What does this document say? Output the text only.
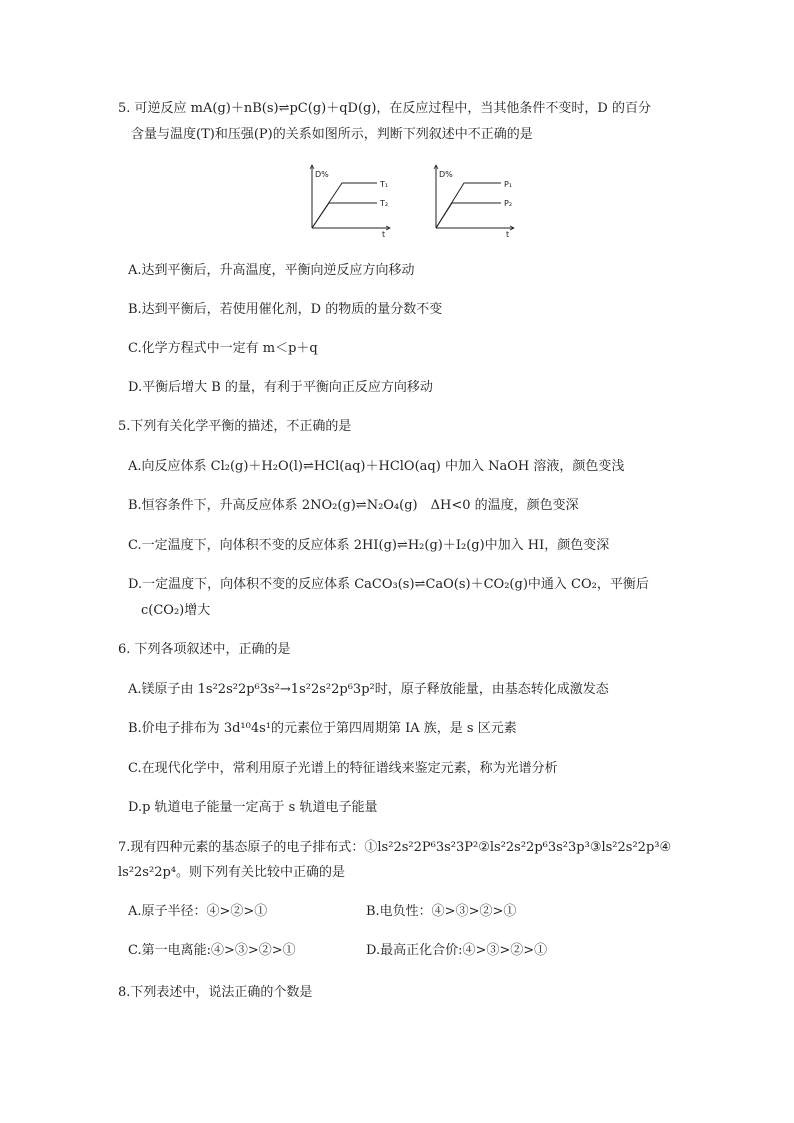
5. 可逆反应 mA(g)＋nB(s)⇌pC(g)＋qD(g)，在反应过程中，当其他条件不变时，D 的百分
含量与温度(T)和压强(P)的关系如图所示，判断下列叙述中不正确的是
D%
T₁
T₂
t
D%
P₁
P₂
t
A.达到平衡后，升高温度，平衡向逆反应方向移动
B.达到平衡后，若使用催化剂，D 的物质的量分数不变
C.化学方程式中一定有 m＜p＋q
D.平衡后增大 B 的量，有利于平衡向正反应方向移动
5.下列有关化学平衡的描述，不正确的是
A.向反应体系 Cl₂(g)＋H₂O(l)⇌HCl(aq)＋HClO(aq) 中加入 NaOH 溶液，颜色变浅
B.恒容条件下，升高反应体系 2NO₂(g)⇌N₂O₄(g)　ΔH<0 的温度，颜色变深
C.一定温度下，向体积不变的反应体系 2HI(g)⇌H₂(g)＋I₂(g)中加入 HI，颜色变深
D.一定温度下，向体积不变的反应体系 CaCO₃(s)⇌CaO(s)＋CO₂(g)中通入 CO₂，平衡后
c(CO₂)增大
6. 下列各项叙述中，正确的是
A.镁原子由 1s²2s²2p⁶3s²→1s²2s²2p⁶3p²时，原子释放能量，由基态转化成激发态
B.价电子排布为 3d¹⁰4s¹的元素位于第四周期第 IA 族，是 s 区元素
C.在现代化学中，常利用原子光谱上的特征谱线来鉴定元素，称为光谱分析
D.p 轨道电子能量一定高于 s 轨道电子能量
7.现有四种元素的基态原子的电子排布式：①ls²2s²2P⁶3s²3P²②ls²2s²2p⁶3s²3p³③ls²2s²2p³④
ls²2s²2p⁴。则下列有关比较中正确的是
A.原子半径：④>②>①	B.电负性：④>③>②>①
C.第一电离能:④>③>②>①	D.最高正化合价:④>③>②>①
8.下列表述中，说法正确的个数是
